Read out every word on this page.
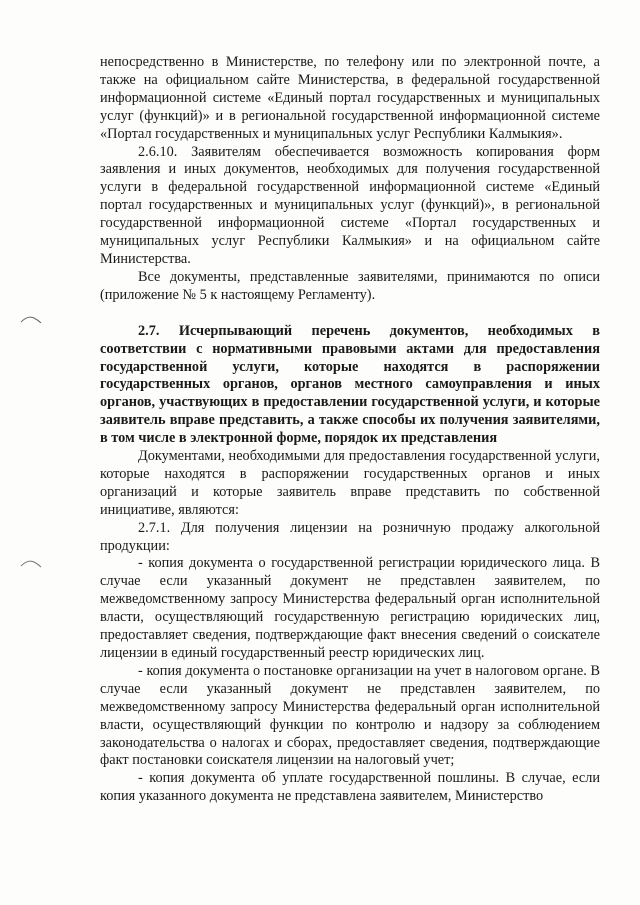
непосредственно в Министерстве, по телефону или по электронной почте, а также на официальном сайте Министерства, в федеральной государственной информационной системе «Единый портал государственных и муниципальных услуг (функций)» и в региональной государственной информационной системе «Портал государственных и муниципальных услуг Республики Калмыкия».

2.6.10. Заявителям обеспечивается возможность копирования форм заявления и иных документов, необходимых для получения государственной услуги в федеральной государственной информационной системе «Единый портал государственных и муниципальных услуг (функций)», в региональной государственной информационной системе «Портал государственных и муниципальных услуг Республики Калмыкия» и на официальном сайте Министерства.

Все документы, представленные заявителями, принимаются по описи (приложение № 5 к настоящему Регламенту).

2.7. Исчерпывающий перечень документов, необходимых в соответствии с нормативными правовыми актами для предоставления государственной услуги, которые находятся в распоряжении государственных органов, органов местного самоуправления и иных органов, участвующих в предоставлении государственной услуги, и которые заявитель вправе представить, а также способы их получения заявителями, в том числе в электронной форме, порядок их представления

Документами, необходимыми для предоставления государственной услуги, которые находятся в распоряжении государственных органов и иных организаций и которые заявитель вправе представить по собственной инициативе, являются:

2.7.1. Для получения лицензии на розничную продажу алкогольной продукции:

- копия документа о государственной регистрации юридического лица. В случае если указанный документ не представлен заявителем, по межведомственному запросу Министерства федеральный орган исполнительной власти, осуществляющий государственную регистрацию юридических лиц, предоставляет сведения, подтверждающие факт внесения сведений о соискателе лицензии в единый государственный реестр юридических лиц.

- копия документа о постановке организации на учет в налоговом органе. В случае если указанный документ не представлен заявителем, по межведомственному запросу Министерства федеральный орган исполнительной власти, осуществляющий функции по контролю и надзору за соблюдением законодательства о налогах и сборах, предоставляет сведения, подтверждающие факт постановки соискателя лицензии на налоговый учет;

- копия документа об уплате государственной пошлины. В случае, если копия указанного документа не представлена заявителем, Министерство
